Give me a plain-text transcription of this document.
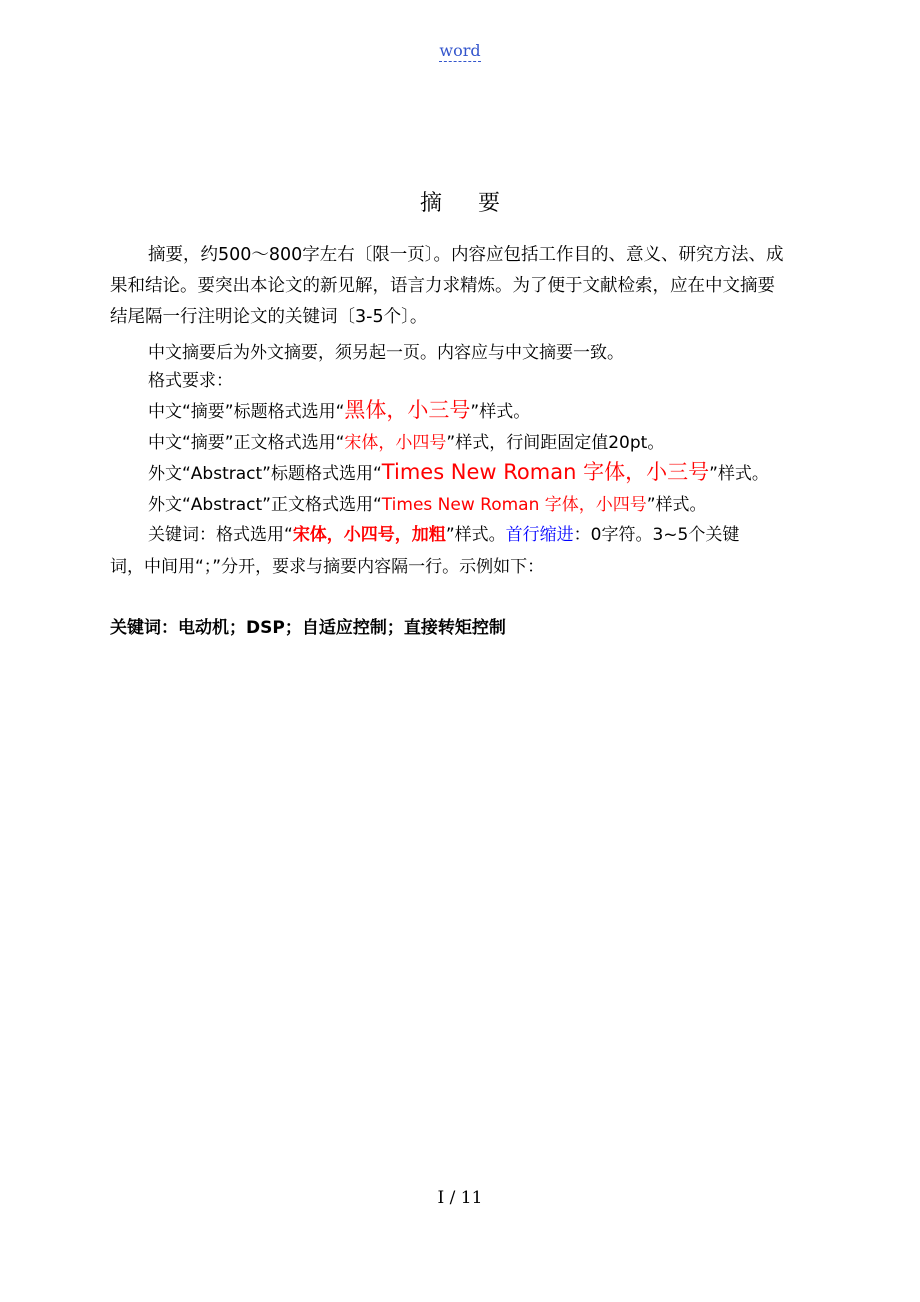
word
摘要
摘要，约500～800字左右〔限一页〕。内容应包括工作目的、意义、研究方法、成
果和结论。要突出本论文的新见解，语言力求精炼。为了便于文献检索，应在中文摘要
结尾隔一行注明论文的关键词〔3-5个〕。
中文摘要后为外文摘要，须另起一页。内容应与中文摘要一致。
格式要求：
中文“摘要”标题格式选用“黑体，小三号”样式。
中文“摘要”正文格式选用“宋体，小四号”样式，行间距固定值20pt。
外文“Abstract”标题格式选用“Times New Roman 字体，小三号”样式。
外文“Abstract”正文格式选用“Times New Roman 字体，小四号”样式。
关键词：格式选用“宋体，小四号，加粗”样式。首行缩进：0字符。3~5个关键
词，中间用“；”分开，要求与摘要内容隔一行。示例如下：
关键词：电动机；DSP；自适应控制；直接转矩控制
I / 11
